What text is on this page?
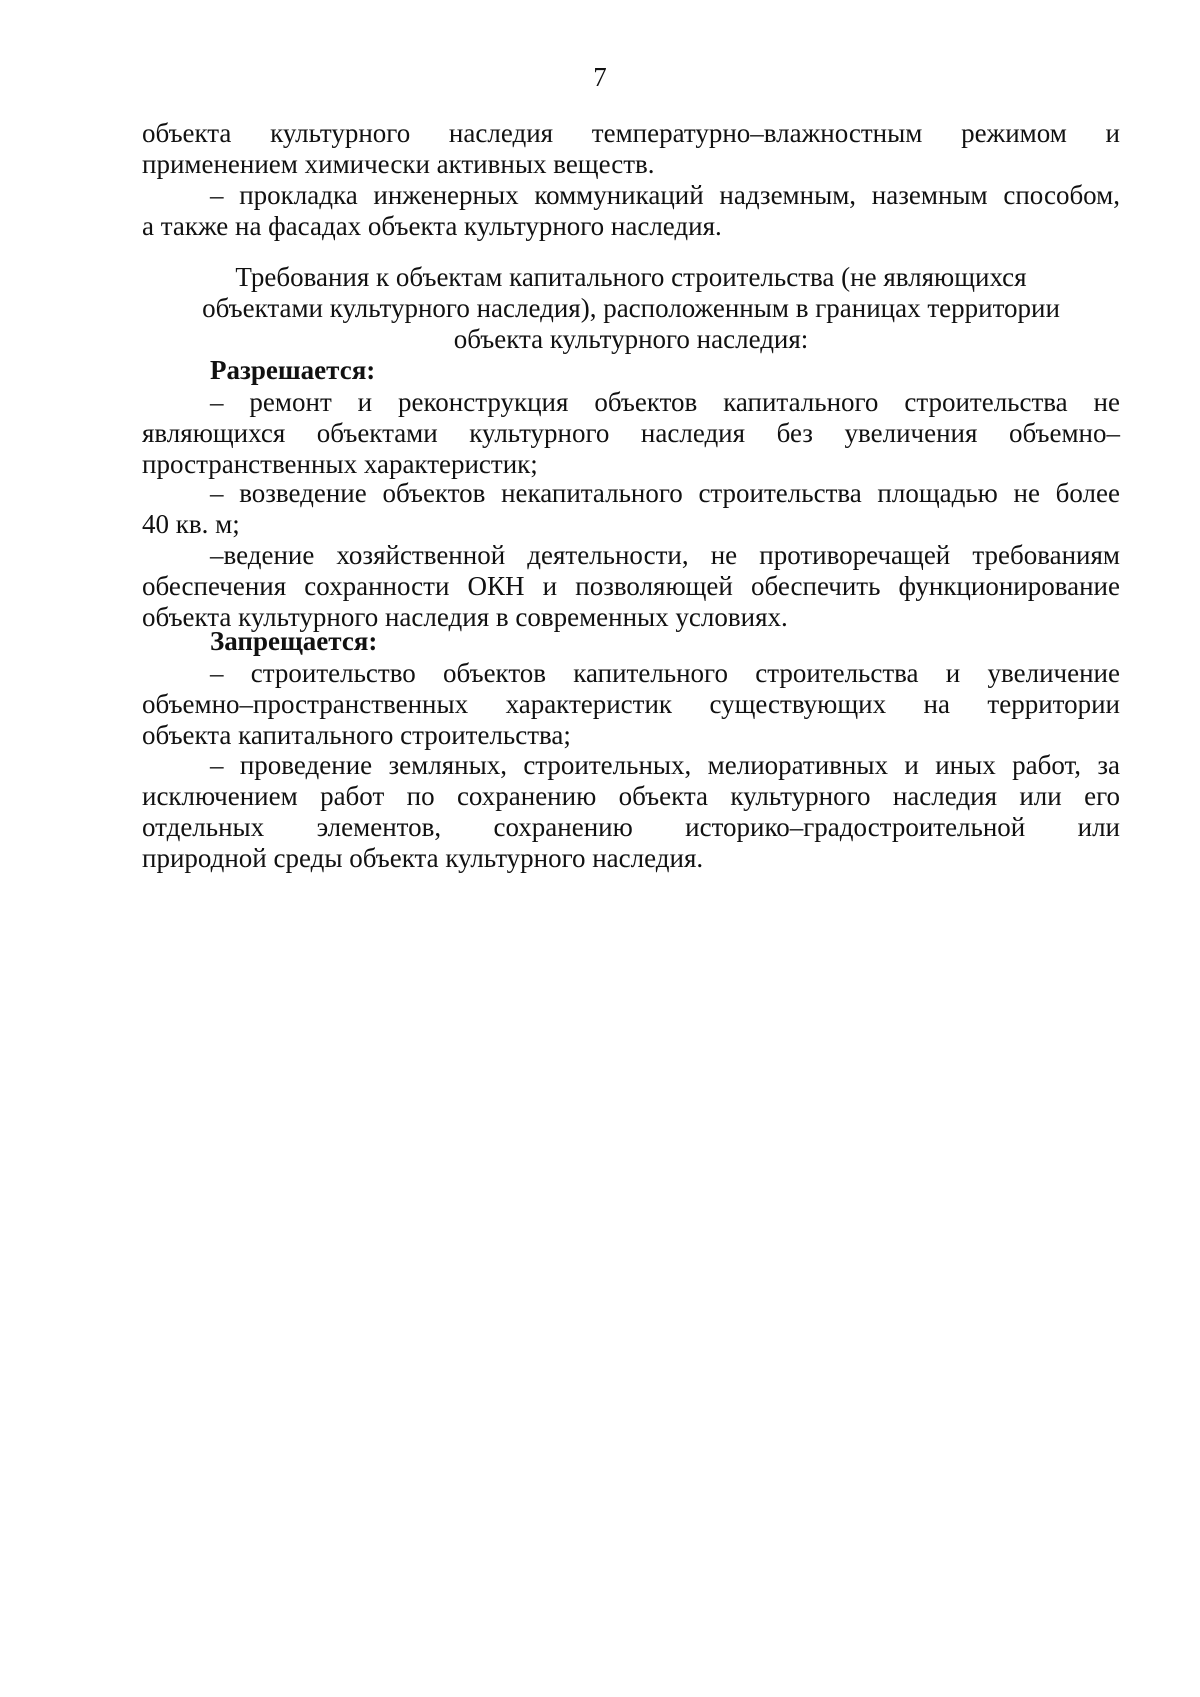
7
объекта культурного наследия температурно–влажностным режимом и
применением химически активных веществ.
– прокладка инженерных коммуникаций надземным, наземным способом,
а также на фасадах объекта культурного наследия.
Требования к объектам капитального строительства (не являющихся
объектами культурного наследия), расположенным в границах территории
объекта культурного наследия:
Разрешается:
– ремонт и реконструкция объектов капитального строительства не
являющихся объектами культурного наследия без увеличения объемно–
пространственных характеристик;
– возведение объектов некапитального строительства площадью не более
40 кв. м;
–ведение хозяйственной деятельности, не противоречащей требованиям
обеспечения сохранности ОКН и позволяющей обеспечить функционирование
объекта культурного наследия в современных условиях.
Запрещается:
– строительство объектов капительного строительства и увеличение
объемно–пространственных характеристик существующих на территории
объекта капитального строительства;
– проведение земляных, строительных, мелиоративных и иных работ, за
исключением работ по сохранению объекта культурного наследия или его
отдельных элементов, сохранению историко–градостроительной или
природной среды объекта культурного наследия.
